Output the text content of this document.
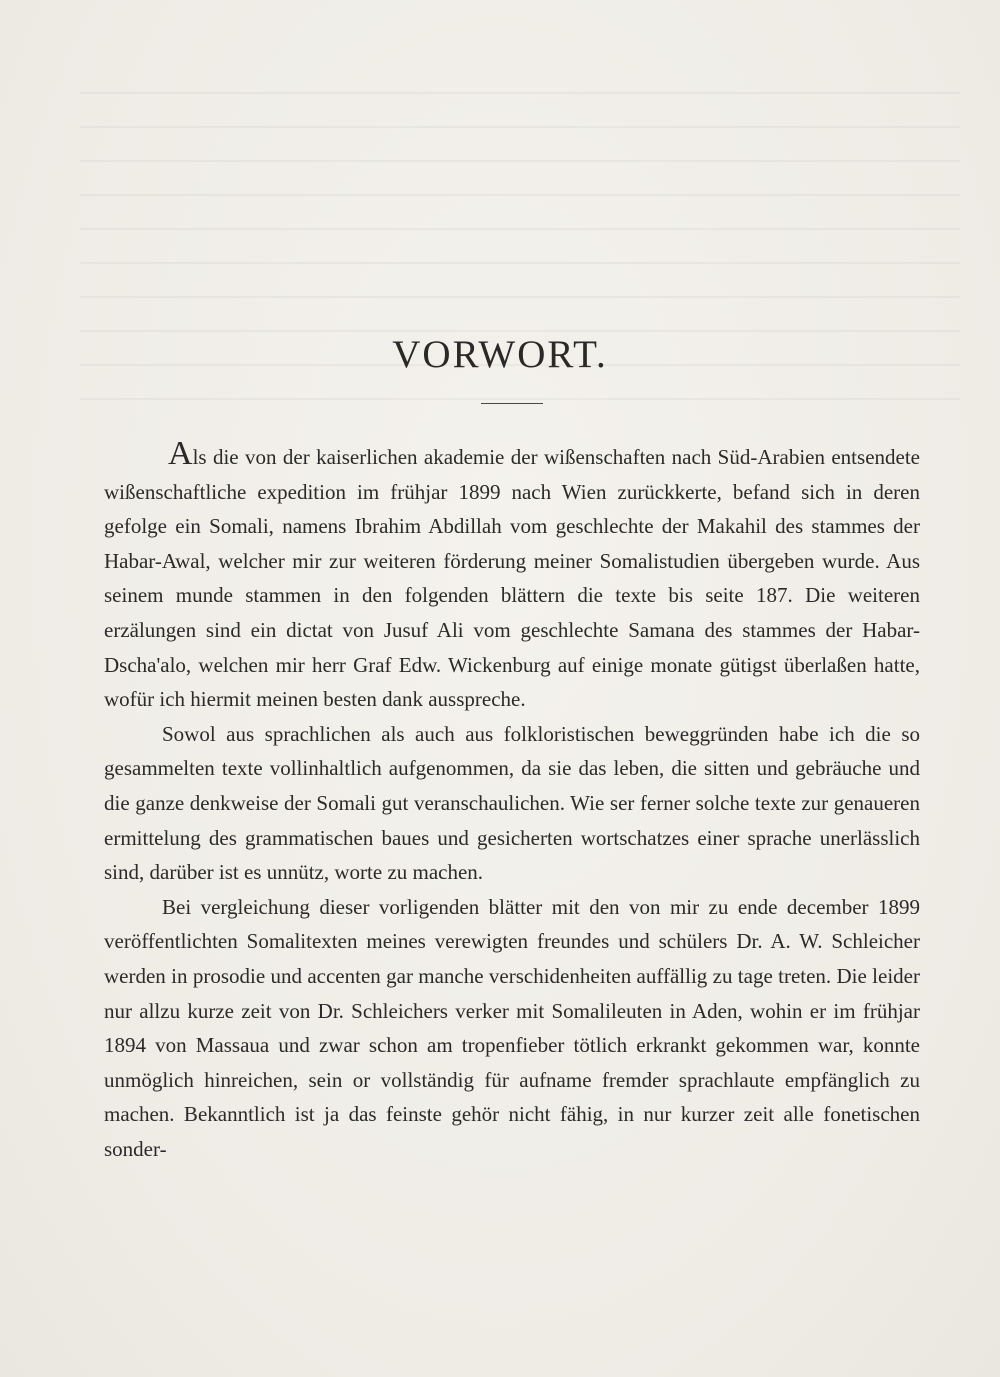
VORWORT.

Als die von der kaiserlichen akademie der wißenschaften nach Süd-Arabien entsendete wißenschaftliche expedition im frühjar 1899 nach Wien zurückkerte, befand sich in deren gefolge ein Somali, namens Ibrahim Abdillah vom geschlechte der Makahil des stammes der Habar-Awal, welcher mir zur weiteren förderung meiner Somalistudien übergeben wurde. Aus seinem munde stammen in den folgenden blättern die texte bis seite 187. Die weiteren erzälungen sind ein dictat von Jusuf Ali vom geschlechte Samana des stammes der Habar-Dscha'alo, welchen mir herr Graf Edw. Wickenburg auf einige monate gütigst überlaßen hatte, wofür ich hiermit meinen besten dank ausspreche.

Sowol aus sprachlichen als auch aus folkloristischen beweggründen habe ich die so gesammelten texte vollinhaltlich aufgenommen, da sie das leben, die sitten und gebräuche und die ganze denkweise der Somali gut veranschaulichen. Wie ser ferner solche texte zur genaueren ermittelung des grammatischen baues und gesicherten wortschatzes einer sprache unerlässlich sind, darüber ist es unnütz, worte zu machen.

Bei vergleichung dieser vorligenden blätter mit den von mir zu ende december 1899 veröffentlichten Somalitexten meines verewigten freundes und schülers Dr. A. W. Schleicher werden in prosodie und accenten gar manche verschidenheiten auffällig zu tage treten. Die leider nur allzu kurze zeit von Dr. Schleichers verker mit Somalileuten in Aden, wohin er im frühjar 1894 von Massaua und zwar schon am tropenfieber tötlich erkrankt gekommen war, konnte unmöglich hinreichen, sein or vollständig für aufname fremder sprachlaute empfänglich zu machen. Bekanntlich ist ja das feinste gehör nicht fähig, in nur kurzer zeit alle fonetischen sonder-
